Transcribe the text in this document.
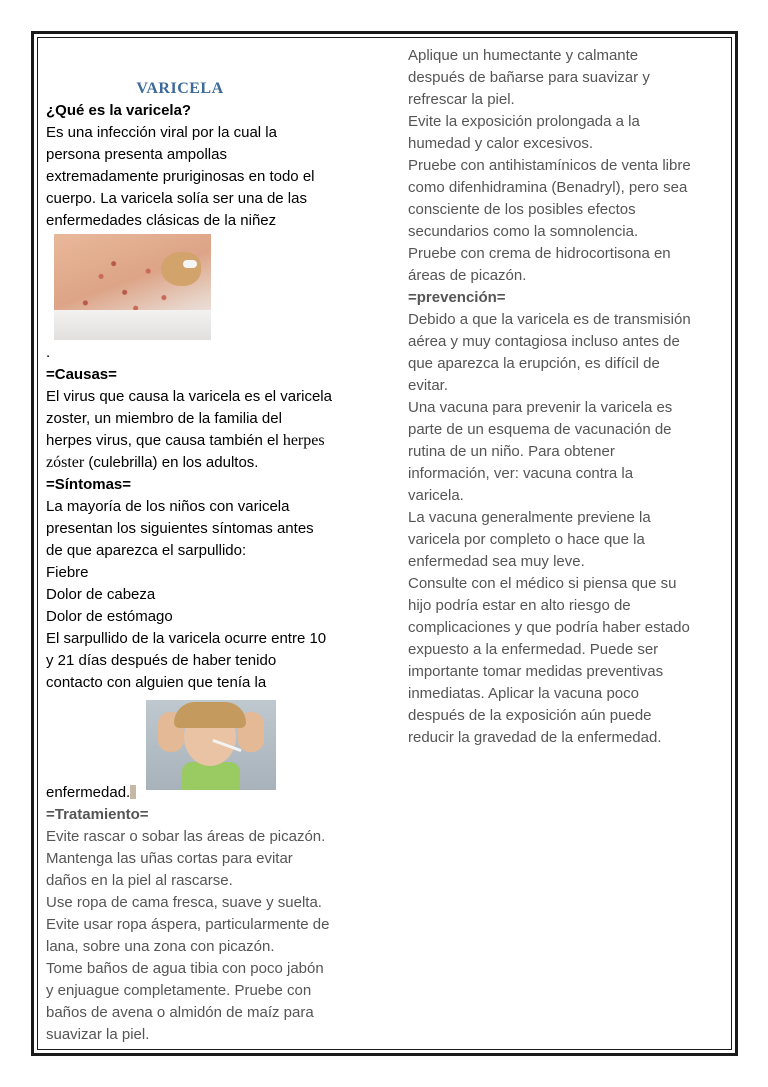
VARICELA

¿Qué es la varicela?

Es una infección viral por la cual la

persona presenta ampollas

extremadamente pruriginosas en todo el

cuerpo. La varicela solía ser una de las

enfermedades clásicas de la niñez

.

=Causas=

El virus que causa la varicela es el varicela

zoster, un miembro de la familia del

herpes virus, que causa también el herpes

zóster (culebrilla) en los adultos.

=Síntomas=

La mayoría de los niños con varicela

presentan los siguientes síntomas antes

de que aparezca el sarpullido:

Fiebre

Dolor de cabeza

Dolor de estómago

El sarpullido de la varicela ocurre entre 10

y 21 días después de haber tenido

contacto con alguien que tenía la

enfermedad.

=Tratamiento=

Evite rascar o sobar las áreas de picazón.

Mantenga las uñas cortas para evitar

daños en la piel al rascarse.

Use ropa de cama fresca, suave y suelta.

Evite usar ropa áspera, particularmente de

lana, sobre una zona con picazón.

Tome baños de agua tibia con poco jabón

y enjuague completamente. Pruebe con

baños de avena o almidón de maíz para

suavizar la piel.

Aplique un humectante y calmante

después de bañarse para suavizar y

refrescar la piel.

Evite la exposición prolongada a la

humedad y calor excesivos.

Pruebe con antihistamínicos de venta libre

como difenhidramina (Benadryl), pero sea

consciente de los posibles efectos

secundarios como la somnolencia.

Pruebe con crema de hidrocortisona en

áreas de picazón.

=prevención=

Debido a que la varicela es de transmisión

aérea y muy contagiosa incluso antes de

que aparezca la erupción, es difícil de

evitar.

Una vacuna para prevenir la varicela es

parte de un esquema de vacunación de

rutina de un niño. Para obtener

información, ver: vacuna contra la

varicela.

La vacuna generalmente previene la

varicela por completo o hace que la

enfermedad sea muy leve.

Consulte con el médico si piensa que su

hijo podría estar en alto riesgo de

complicaciones y que podría haber estado

expuesto a la enfermedad. Puede ser

importante tomar medidas preventivas

inmediatas. Aplicar la vacuna poco

después de la exposición aún puede

reducir la gravedad de la enfermedad.
